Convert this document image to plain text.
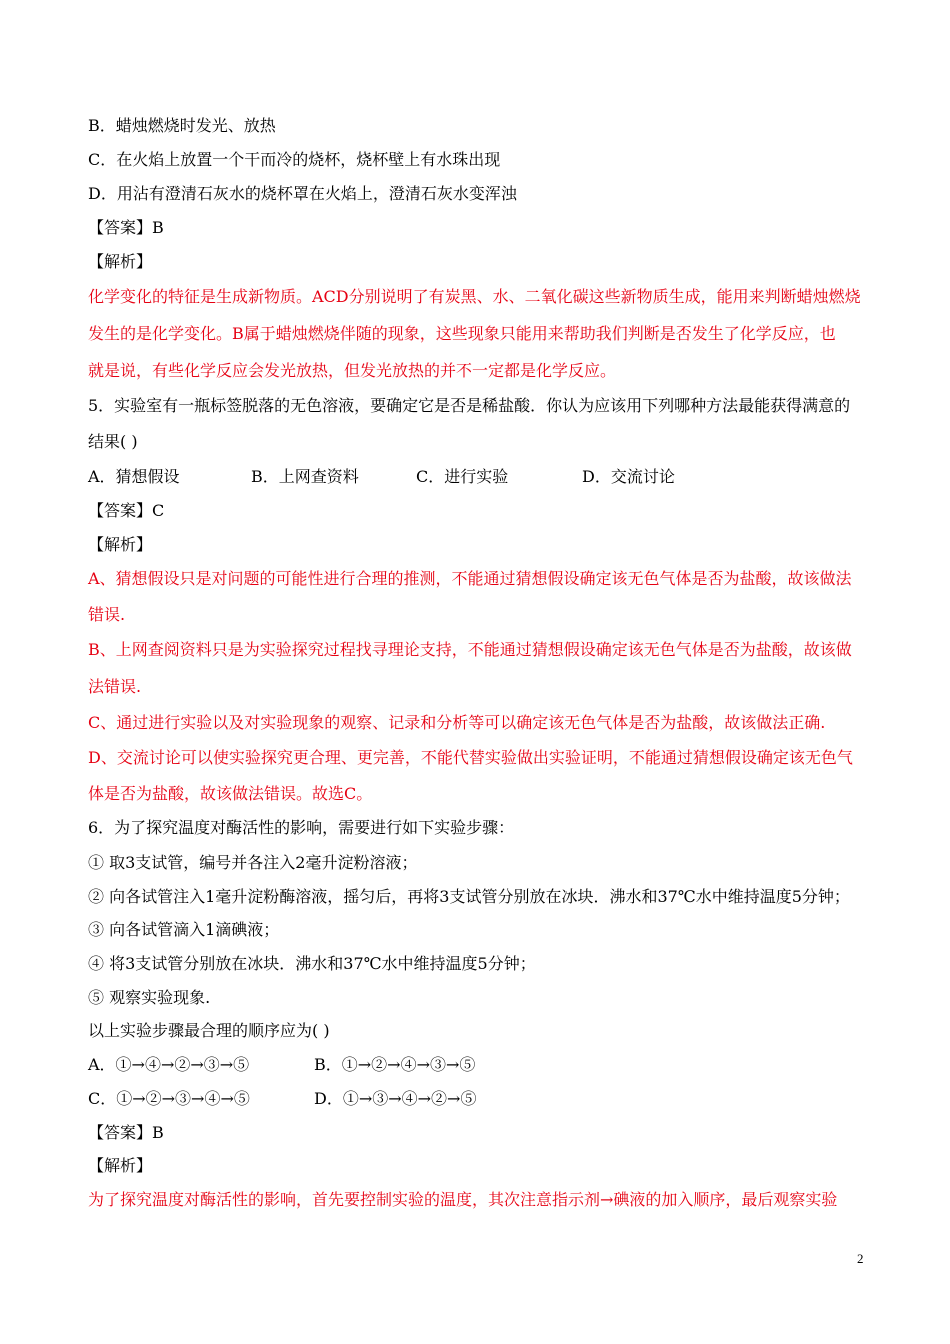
B．蜡烛燃烧时发光、放热
C．在火焰上放置一个干而冷的烧杯，烧杯壁上有水珠出现
D．用沾有澄清石灰水的烧杯罩在火焰上，澄清石灰水变浑浊
【答案】B
【解析】
化学变化的特征是生成新物质。ACD分别说明了有炭黑、水、二氧化碳这些新物质生成，能用来判断蜡烛燃烧
发生的是化学变化。B属于蜡烛燃烧伴随的现象，这些现象只能用来帮助我们判断是否发生了化学反应，也
就是说，有些化学反应会发光放热，但发光放热的并不一定都是化学反应。
5．实验室有一瓶标签脱落的无色溶液，要确定它是否是稀盐酸．你认为应该用下列哪种方法最能获得满意的
结果( )
A．猜想假设	B．上网查资料	C．进行实验	D．交流讨论
【答案】C
【解析】
A、猜想假设只是对问题的可能性进行合理的推测，不能通过猜想假设确定该无色气体是否为盐酸，故该做法
错误.
B、上网查阅资料只是为实验探究过程找寻理论支持，不能通过猜想假设确定该无色气体是否为盐酸，故该做
法错误.
C、通过进行实验以及对实验现象的观察、记录和分析等可以确定该无色气体是否为盐酸，故该做法正确.
D、交流讨论可以使实验探究更合理、更完善，不能代替实验做出实验证明，不能通过猜想假设确定该无色气
体是否为盐酸，故该做法错误。故选C。
6．为了探究温度对酶活性的影响，需要进行如下实验步骤：
① 取3支试管，编号并各注入2毫升淀粉溶液；
② 向各试管注入1毫升淀粉酶溶液，摇匀后，再将3支试管分别放在冰块．沸水和37℃水中维持温度5分钟；
③ 向各试管滴入1滴碘液；
④ 将3支试管分别放在冰块．沸水和37℃水中维持温度5分钟；
⑤ 观察实验现象.
以上实验步骤最合理的顺序应为( )
A．①→④→②→③→⑤	B．①→②→④→③→⑤
C．①→②→③→④→⑤	D．①→③→④→②→⑤
【答案】B
【解析】
为了探究温度对酶活性的影响，首先要控制实验的温度，其次注意指示剂→碘液的加入顺序，最后观察实验
2
